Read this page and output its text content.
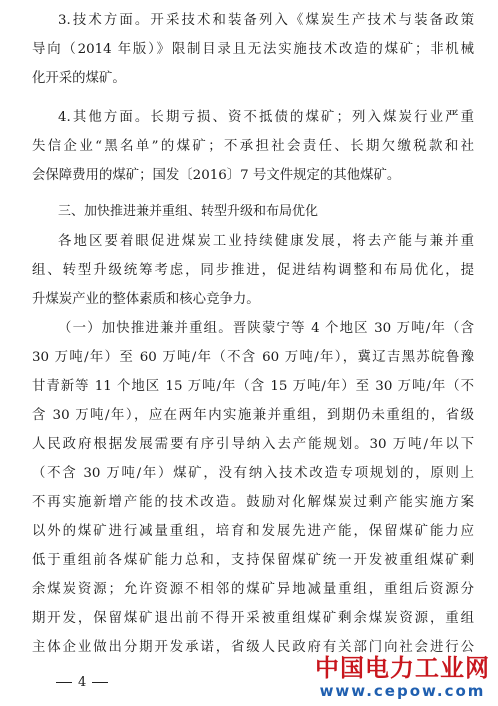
3.技术方面。开采技术和装备列入《煤炭生产技术与装备政策
导向（2014 年版）》限制目录且无法实施技术改造的煤矿；非机械
化开采的煤矿。
4.其他方面。长期亏损、资不抵债的煤矿；列入煤炭行业严重
失信企业“黑名单”的煤矿；不承担社会责任、长期欠缴税款和社
会保障费用的煤矿；国发〔2016〕7 号文件规定的其他煤矿。
三、加快推进兼并重组、转型升级和布局优化
各地区要着眼促进煤炭工业持续健康发展，将去产能与兼并重
组、转型升级统筹考虑，同步推进，促进结构调整和布局优化，提
升煤炭产业的整体素质和核心竞争力。
（一）加快推进兼并重组。晋陕蒙宁等 4 个地区 30 万吨/年（含
30 万吨/年）至 60 万吨/年（不含 60 万吨/年），冀辽吉黑苏皖鲁豫
甘青新等 11 个地区 15 万吨/年（含 15 万吨/年）至 30 万吨/年（不
含 30 万吨/年），应在两年内实施兼并重组，到期仍未重组的，省级
人民政府根据发展需要有序引导纳入去产能规划。30 万吨/年以下
（不含 30 万吨/年）煤矿，没有纳入技术改造专项规划的，原则上
不再实施新增产能的技术改造。鼓励对化解煤炭过剩产能实施方案
以外的煤矿进行减量重组，培育和发展先进产能，保留煤矿能力应
低于重组前各煤矿能力总和，支持保留煤矿统一开发被重组煤矿剩
余煤炭资源；允许资源不相邻的煤矿异地减量重组，重组后资源分
期开发，保留煤矿退出前不得开采被重组煤矿剩余煤炭资源，重组
主体企业做出分期开发承诺，省级人民政府有关部门向社会进行公
4
中国电力工业网
www.cepow.com
